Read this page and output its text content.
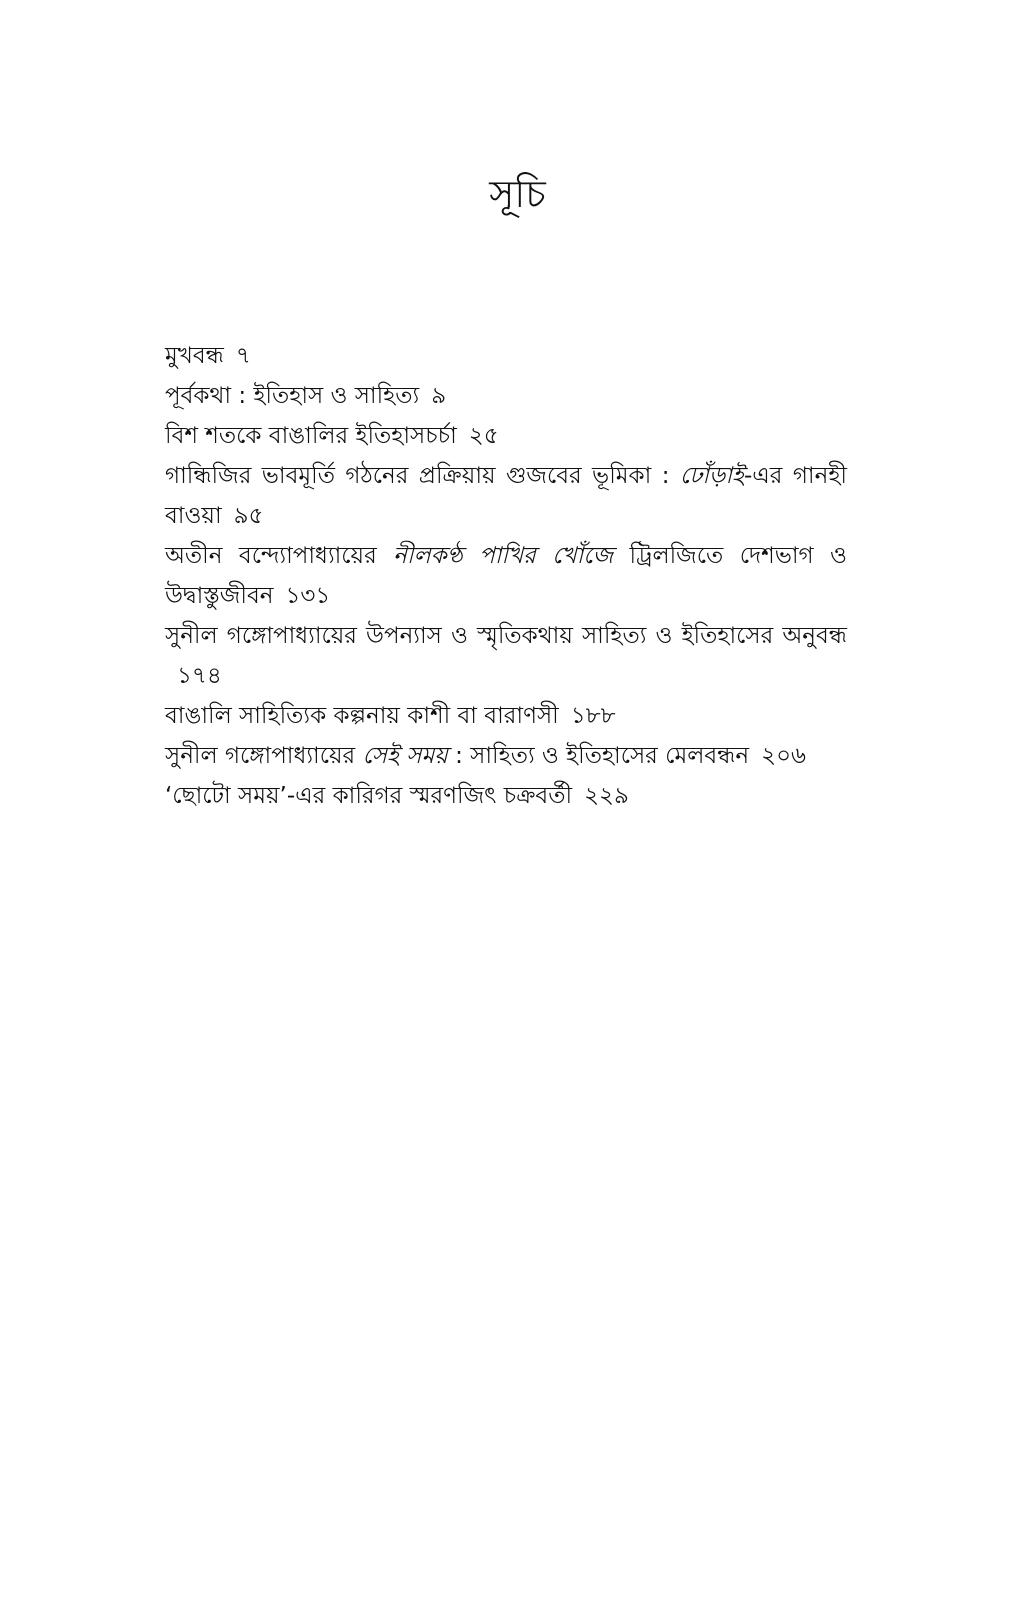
সূচি

মুখবন্ধ ৭

পূর্বকথা : ইতিহাস ও সাহিত্য ৯

বিশ শতকে বাঙালির ইতিহাসচর্চা ২৫

গান্ধিজির ভাবমূর্তি গঠনের প্রক্রিয়ায় গুজবের ভূমিকা : ঢোঁড়াই-এর গানহী বাওয়া ৯৫

অতীন বন্দ্যোপাধ্যায়ের নীলকণ্ঠ পাখির খোঁজে ট্রিলজিতে দেশভাগ ও উদ্বাস্তুজীবন ১৩১

সুনীল গঙ্গোপাধ্যায়ের উপন্যাস ও স্মৃতিকথায় সাহিত্য ও ইতিহাসের অনুবন্ধ১৭৪

বাঙালি সাহিত্যিক কল্পনায় কাশী বা বারাণসী ১৮৮

সুনীল গঙ্গোপাধ্যায়ের সেই সময় : সাহিত্য ও ইতিহাসের মেলবন্ধন ২০৬

‘ছোটো সময়’-এর কারিগর স্মরণজিৎ চক্রবর্তী ২২৯
